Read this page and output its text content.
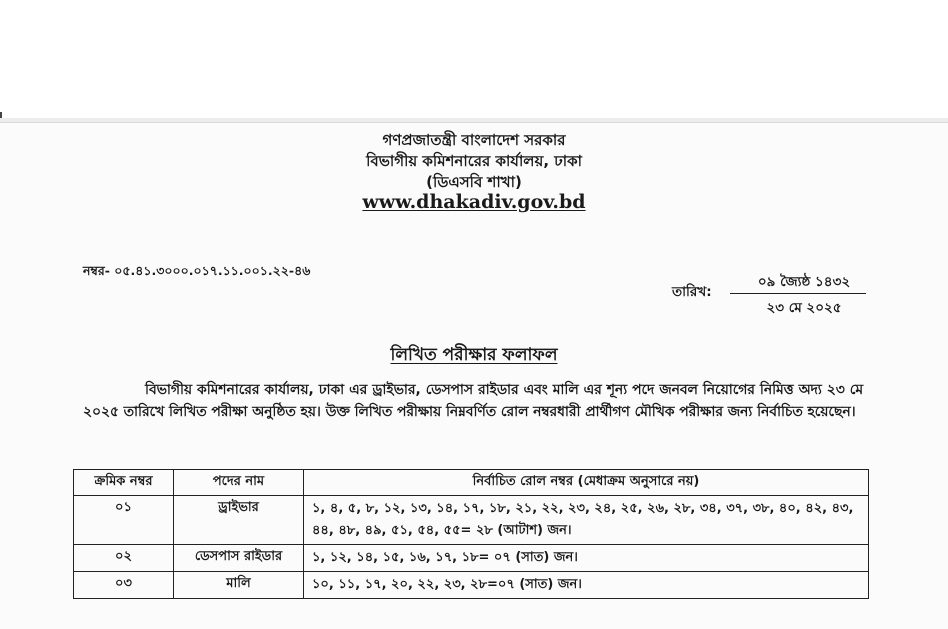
গণপ্রজাতন্ত্রী বাংলাদেশ সরকার
বিভাগীয় কমিশনারের কার্যালয়, ঢাকা
(ডিএসবি শাখা)
www.dhakadiv.gov.bd
নম্বর- ০৫.৪১.৩০০০.০১৭.১১.০০১.২২-৪৬
তারিখ:
০৯ জ্যৈষ্ঠ ১৪৩২
২৩ মে ২০২৫
লিখিত পরীক্ষার ফলাফল
বিভাগীয় কমিশনারের কার্যালয়, ঢাকা এর ড্রাইভার, ডেসপাস রাইডার এবং মালি এর শূন্য পদে জনবল নিয়োগের নিমিত্ত অদ্য ২৩ মে ২০২৫ তারিখে লিখিত পরীক্ষা অনুষ্ঠিত হয়। উক্ত লিখিত পরীক্ষায় নিম্নবর্ণিত রোল নম্বরধারী প্রার্থীগণ মৌখিক পরীক্ষার জন্য নির্বাচিত হয়েছেন।
ক্রমিক নম্বর	পদের নাম	নির্বাচিত রোল নম্বর (মেধাক্রম অনুসারে নয়)
০১	ড্রাইভার	১, ৪, ৫, ৮, ১২, ১৩, ১৪, ১৭, ১৮, ২১, ২২, ২৩, ২৪, ২৫, ২৬, ২৮, ৩৪, ৩৭, ৩৮, ৪০, ৪২, ৪৩, ৪৪, ৪৮, ৪৯, ৫১, ৫৪, ৫৫= ২৮ (আটাশ) জন।
০২	ডেসপাস রাইডার	১, ১২, ১৪, ১৫, ১৬, ১৭, ১৮= ০৭ (সাত) জন।
০৩	মালি	১০, ১১, ১৭, ২০, ২২, ২৩, ২৮=০৭ (সাত) জন।
